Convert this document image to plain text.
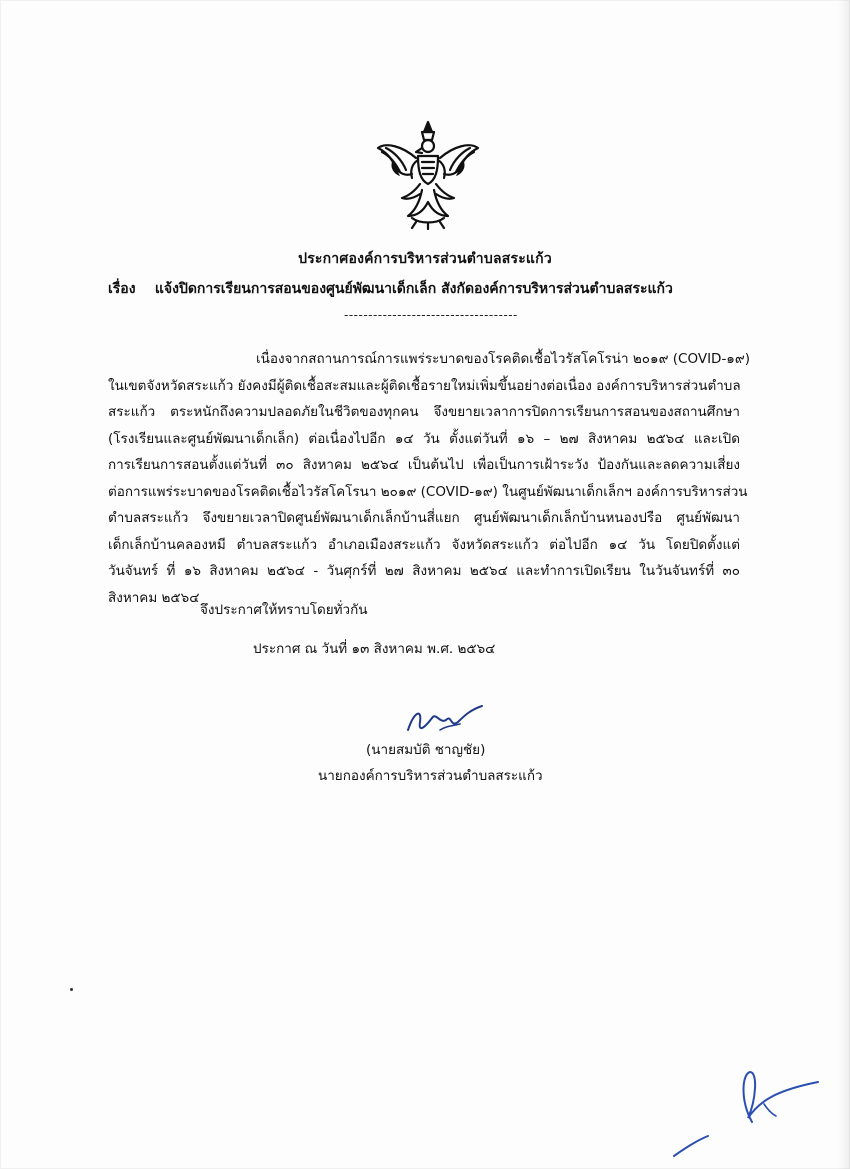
ประกาศองค์การบริหารส่วนตำบลสระแก้ว
เรื่อง แจ้งปิดการเรียนการสอนของศูนย์พัฒนาเด็กเล็ก สังกัดองค์การบริหารส่วนตำบลสระแก้ว
------------------------------------
เนื่องจากสถานการณ์การแพร่ระบาดของโรคติดเชื้อไวรัสโคโรน่า ๒๐๑๙ (COVID-๑๙)
ในเขตจังหวัดสระแก้ว ยังคงมีผู้ติดเชื้อสะสมและผู้ติดเชื้อรายใหม่เพิ่มขึ้นอย่างต่อเนื่อง องค์การบริหารส่วนตำบล
สระแก้ว ตระหนักถึงความปลอดภัยในชีวิตของทุกคน จึงขยายเวลาการปิดการเรียนการสอนของสถานศึกษา
(โรงเรียนและศูนย์พัฒนาเด็กเล็ก) ต่อเนื่องไปอีก ๑๔ วัน ตั้งแต่วันที่ ๑๖ – ๒๗ สิงหาคม ๒๕๖๔ และเปิด
การเรียนการสอนตั้งแต่วันที่ ๓๐ สิงหาคม ๒๕๖๔ เป็นต้นไป เพื่อเป็นการเฝ้าระวัง ป้องกันและลดความเสี่ยง
ต่อการแพร่ระบาดของโรคติดเชื้อไวรัสโคโรนา ๒๐๑๙ (COVID-๑๙) ในศูนย์พัฒนาเด็กเล็กฯ องค์การบริหารส่วน
ตำบลสระแก้ว จึงขยายเวลาปิดศูนย์พัฒนาเด็กเล็กบ้านสี่แยก ศูนย์พัฒนาเด็กเล็กบ้านหนองปรือ ศูนย์พัฒนา
เด็กเล็กบ้านคลองหมี ตำบลสระแก้ว อำเภอเมืองสระแก้ว จังหวัดสระแก้ว ต่อไปอีก ๑๔ วัน โดยปิดตั้งแต่
วันจันทร์ ที่ ๑๖ สิงหาคม ๒๕๖๔ - วันศุกร์ที่ ๒๗ สิงหาคม ๒๕๖๔ และทำการเปิดเรียน ในวันจันทร์ที่ ๓๐
สิงหาคม ๒๕๖๔
จึงประกาศให้ทราบโดยทั่วกัน
ประกาศ ณ วันที่ ๑๓ สิงหาคม พ.ศ. ๒๕๖๔
(นายสมบัติ ชาญชัย)
นายกองค์การบริหารส่วนตำบลสระแก้ว
